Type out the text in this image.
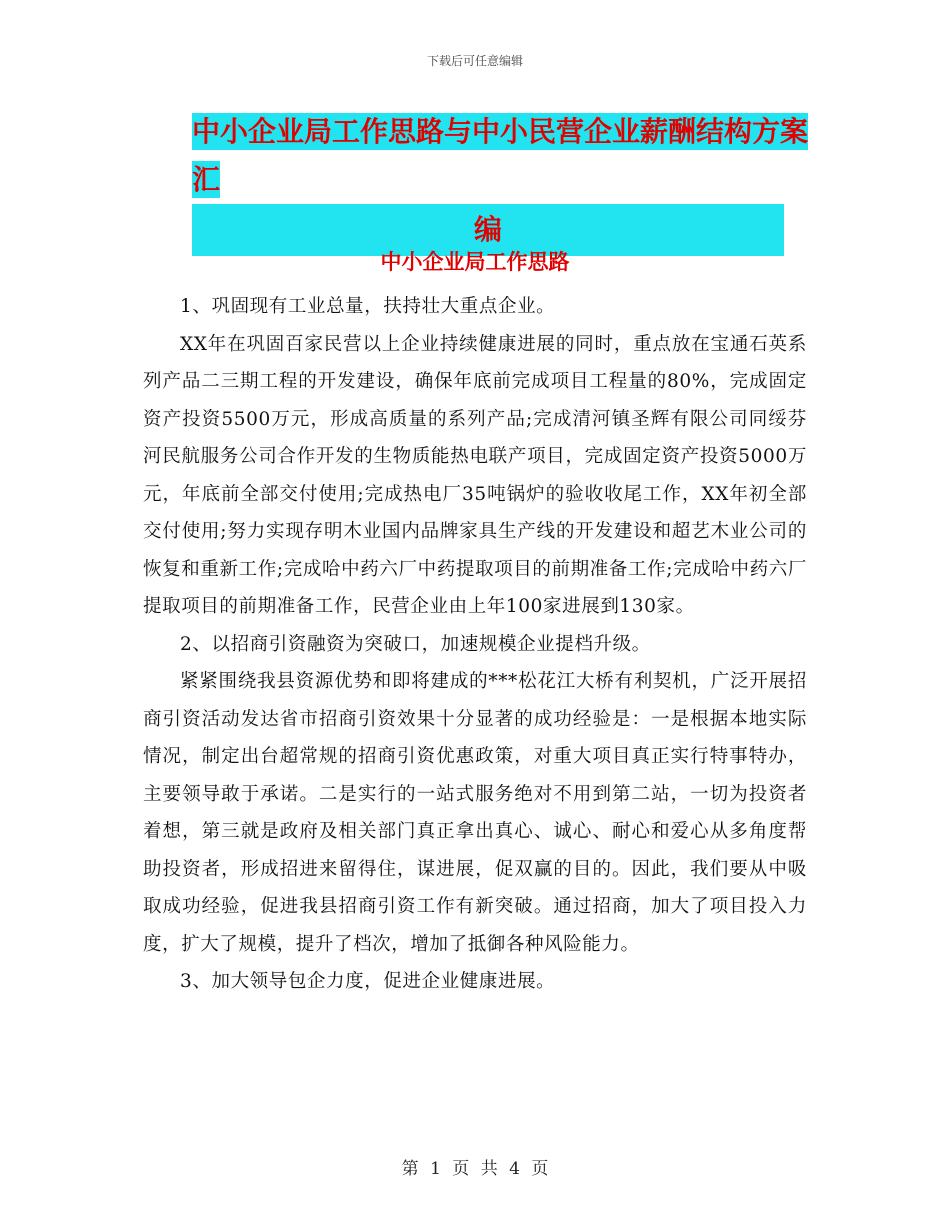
下载后可任意编辑
中小企业局工作思路与中小民营企业薪酬结构方案汇
编
中小企业局工作思路

1、巩固现有工业总量，扶持壮大重点企业。

XX年在巩固百家民营以上企业持续健康进展的同时，重点放在宝通石英系列产品二三期工程的开发建设，确保年底前完成项目工程量的80%，完成固定资产投资5500万元，形成高质量的系列产品;完成清河镇圣辉有限公司同绥芬河民航服务公司合作开发的生物质能热电联产项目，完成固定资产投资5000万元，年底前全部交付使用;完成热电厂35吨锅炉的验收收尾工作，XX年初全部交付使用;努力实现存明木业国内品牌家具生产线的开发建设和超艺木业公司的恢复和重新工作;完成哈中药六厂中药提取项目的前期准备工作;完成哈中药六厂提取项目的前期准备工作，民营企业由上年100家进展到130家。

2、以招商引资融资为突破口，加速规模企业提档升级。

紧紧围绕我县资源优势和即将建成的***松花江大桥有利契机，广泛开展招商引资活动发达省市招商引资效果十分显著的成功经验是：一是根据本地实际情况，制定出台超常规的招商引资优惠政策，对重大项目真正实行特事特办，主要领导敢于承诺。二是实行的一站式服务绝对不用到第二站，一切为投资者着想，第三就是政府及相关部门真正拿出真心、诚心、耐心和爱心从多角度帮助投资者，形成招进来留得住，谋进展，促双赢的目的。因此，我们要从中吸取成功经验，促进我县招商引资工作有新突破。通过招商，加大了项目投入力度，扩大了规模，提升了档次，增加了抵御各种风险能力。

3、加大领导包企力度，促进企业健康进展。

第 1 页 共 4 页
